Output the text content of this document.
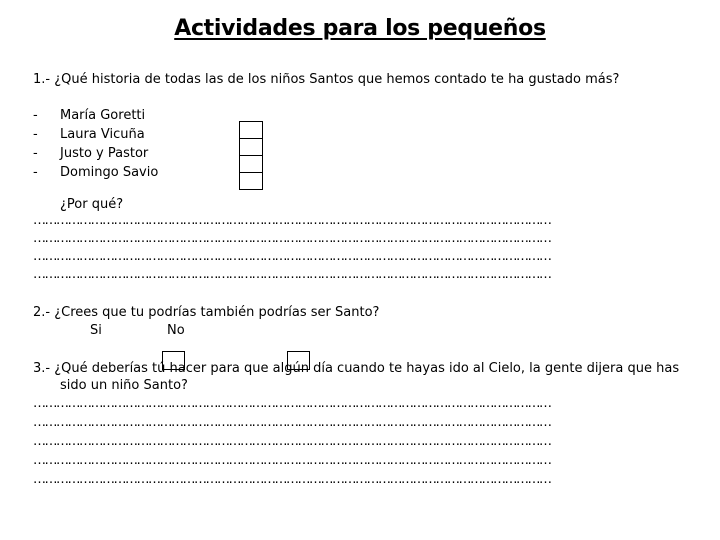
Actividades para los pequeños
1.- ¿Qué historia de todas las de los niños Santos que hemos contado te ha gustado más?
-
-
-
-
María Goretti
Laura Vicuña
Justo y Pastor
Domingo Savio
¿Por qué?
………………………………………………………………………………………………………………………
………………………………………………………………………………………………………………………
………………………………………………………………………………………………………………………
………………………………………………………………………………………………………………………
2.- ¿Crees que tu podrías también podrías ser Santo?
Si	No
3.- ¿Qué deberías tú hacer para que algún día cuando te hayas ido al Cielo, la gente dijera que has
sido un niño Santo?
………………………………………………………………………………………………………………………
………………………………………………………………………………………………………………………
………………………………………………………………………………………………………………………
………………………………………………………………………………………………………………………
………………………………………………………………………………………………………………………
